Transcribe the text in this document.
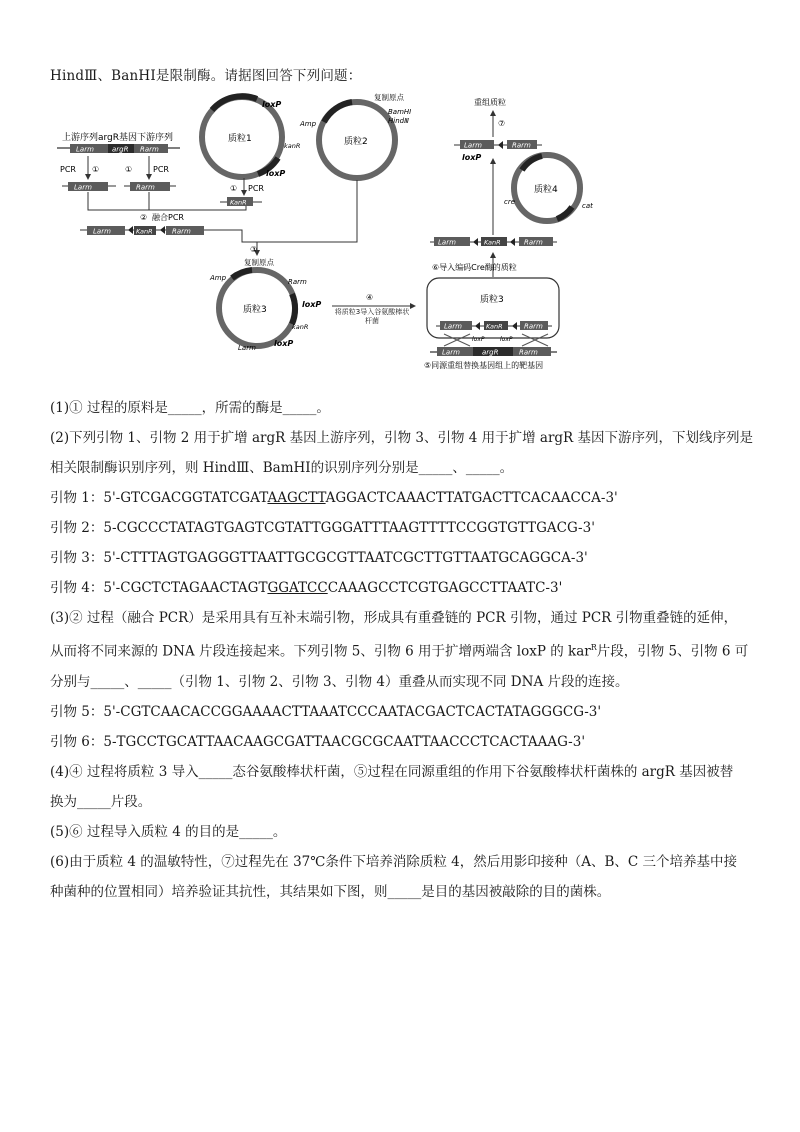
HindⅢ、BanHⅠ是限制酶。请据图回答下列问题：
上游序列argR基因下游序列
Larm	argR Rarm
PCR ①	①	PCR
Larm	Rarm
质粒1
loxP
loxP
kanR
① PCR
KanR
② 融合PCR
Larm	KanR	Rarm
质粒2
Amp
复制原点
BamHⅠ
HindⅢ
③
质粒3
复制原点
Amp	Rarm
loxP
kanR
loxP
Larm
④
将质粒3导入谷氨酸棒状杆菌
质粒3
Larm	KanR	Rarm
loxP	loxP
Larm	argR	Rarm
⑤同源重组替换基因组上的靶基因
⑥导入编码Cre酶的质粒
Larm	KanR	Rarm
质粒4
cre	cat
Larm	Rarm
loxP
⑦
重组质粒
(1)① 过程的原料是_____，所需的酶是_____。
(2)下列引物 1、引物 2 用于扩增 argR 基因上游序列，引物 3、引物 4 用于扩增 argR 基因下游序列，下划线序列是
相关限制酶识别序列，则 HindⅢ、BamHⅠ的识别序列分别是_____、_____。
引物 1：5'-GTCGACGGTATCGATAAGCTTAGGACTCAAACTTATGACTTCACAACCA-3'
引物 2：5-CGCCCTATAGTGAGTCGTATTGGGATTTAAGTTTTCCGGTGTTGACG-3'
引物 3：5'-CTTTAGTGAGGGTTAATTGCGCGTTAATCGCTTGTTAATGCAGGCA-3'
引物 4：5'-CGCTCTAGAACTAGTGGATCCCAAAGCCTCGTGAGCCTTAATC-3'
(3)② 过程（融合 PCR）是采用具有互补末端引物，形成具有重叠链的 PCR 引物，通过 PCR 引物重叠链的延伸，
从而将不同来源的 DNA 片段连接起来。下列引物 5、引物 6 用于扩增两端含 loxP 的 kar$^R$片段，引物 5、引物 6 可
分别与_____、_____（引物 1、引物 2、引物 3、引物 4）重叠从而实现不同 DNA 片段的连接。
引物 5：5'-CGTCAACACCGGAAAACTTAAATCCCAATACGACTCACTATAGGGCG-3'
引物 6：5-TGCCTGCATTAACAAGCGATTAACGCGCAATTAACCCTCACTAAAG-3'
(4)④ 过程将质粒 3 导入_____态谷氨酸棒状杆菌，⑤过程在同源重组的作用下谷氨酸棒状杆菌株的 argR 基因被替
换为_____片段。
(5)⑥ 过程导入质粒 4 的目的是_____。
(6)由于质粒 4 的温敏特性，⑦过程先在 37℃条件下培养消除质粒 4，然后用影印接种（A、B、C 三个培养基中接
种菌种的位置相同）培养验证其抗性，其结果如下图，则_____是目的基因被敲除的目的菌株。
